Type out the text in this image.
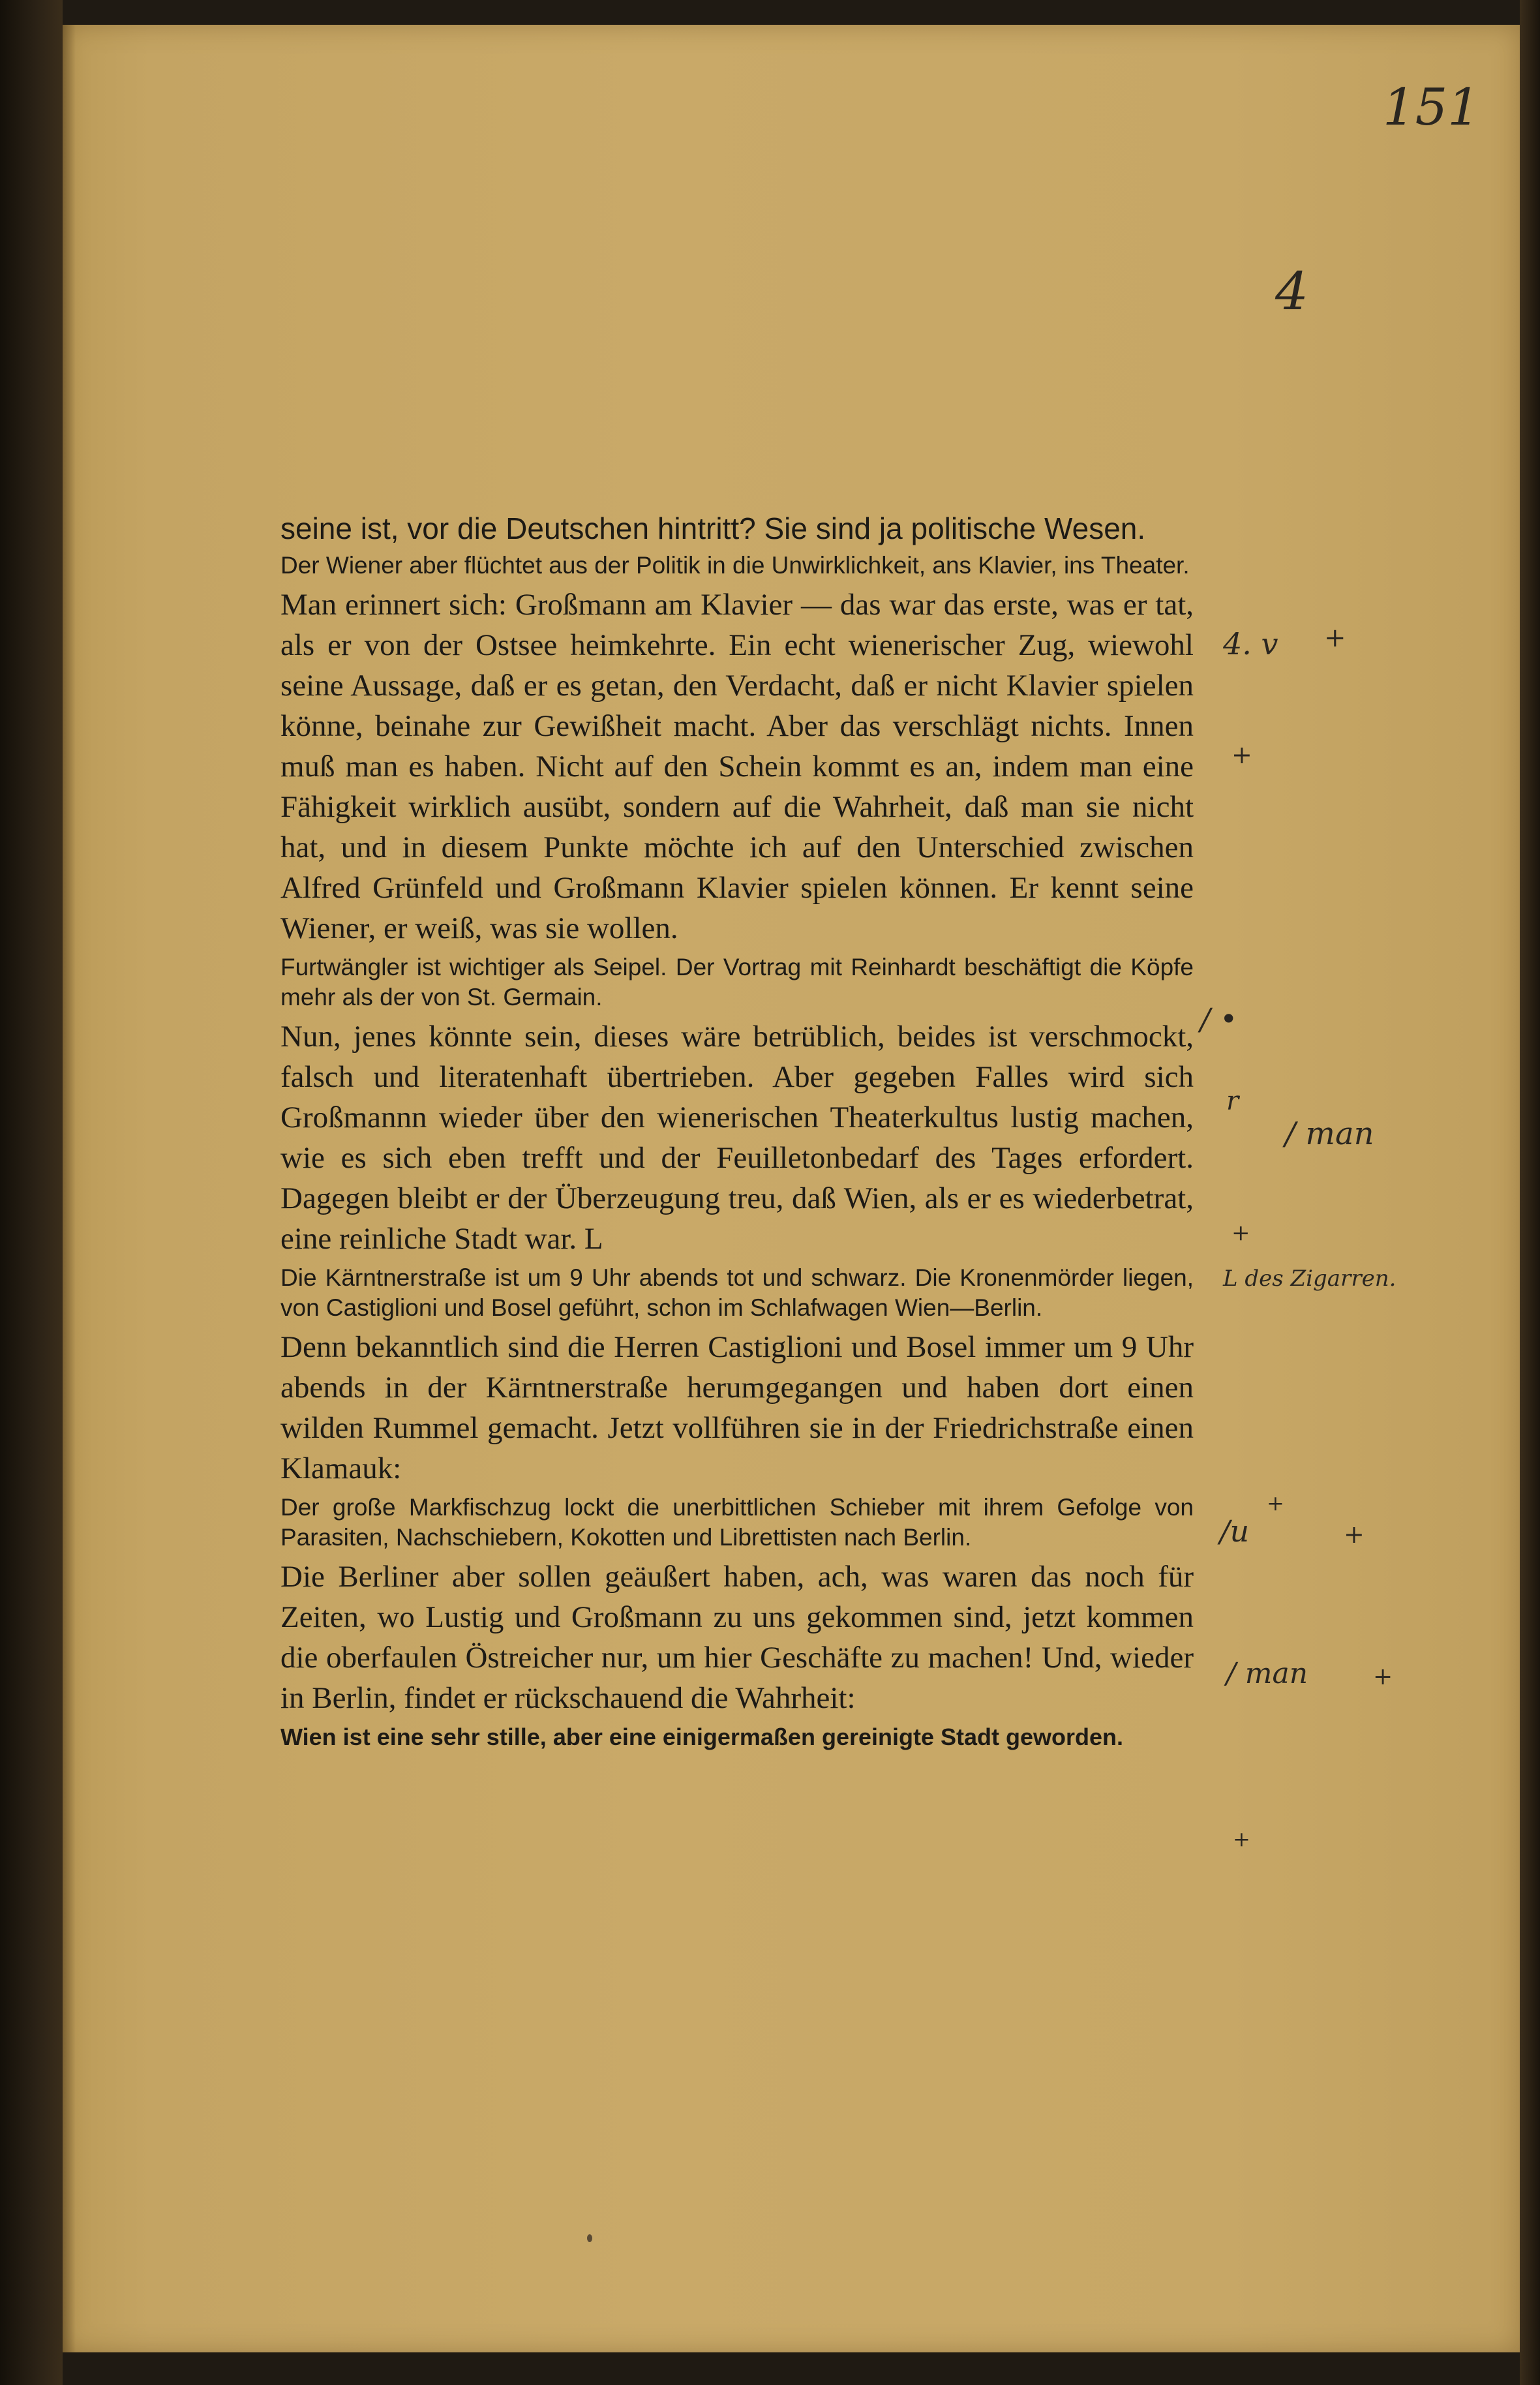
151
4
4. v +
+
/ •
r
/ man
L des Zigarren.
+
/u
+
+
/ man	+
+

seine ist, vor die Deutschen hintritt? Sie sind ja politische Wesen.

Der Wiener aber flüchtet aus der Politik in die Unwirklichkeit, ans Klavier, ins Theater.

Man erinnert sich: Großmann am Klavier — das war das erste, was er tat, als er von der Ostsee heimkehrte. Ein echt wienerischer Zug, wiewohl seine Aussage, daß er es getan, den Verdacht, daß er nicht Klavier spielen könne, beinahe zur Gewißheit macht. Aber das verschlägt nichts. Innen muß man es haben. Nicht auf den Schein kommt es an, indem man eine Fähigkeit wirklich ausübt, sondern auf die Wahrheit, daß man sie nicht hat, und in diesem Punkte möchte ich auf den Unterschied zwischen Alfred Grünfeld und Großmann Klavier spielen können. Er kennt seine Wiener, er weiß, was sie wollen.

Furtwängler ist wichtiger als Seipel. Der Vortrag mit Reinhardt beschäftigt die Köpfe mehr als der von St. Germain.

Nun, jenes könnte sein, dieses wäre betrüblich, beides ist verschmockt, falsch und literatenhaft übertrieben. Aber gegeben Falles wird sich Großmannn wieder über den wienerischen Theaterkultus lustig machen, wie es sich eben trefft und der Feuilletonbedarf des Tages erfordert. Dagegen bleibt er der Überzeugung treu, daß Wien, als er es wiederbetrat, eine reinliche Stadt war. L

Die Kärntnerstraße ist um 9 Uhr abends tot und schwarz. Die Kronenmörder liegen, von Castiglioni und Bosel geführt, schon im Schlafwagen Wien—Berlin.

Denn bekanntlich sind die Herren Castiglioni und Bosel immer um 9 Uhr abends in der Kärntnerstraße herumgegangen und haben dort einen wilden Rummel gemacht. Jetzt vollführen sie in der Friedrichstraße einen Klamauk:

Der große Markfischzug lockt die unerbittlichen Schieber mit ihrem Gefolge von Parasiten, Nachschiebern, Kokotten und Librettisten nach Berlin.

Die Berliner aber sollen geäußert haben, ach, was waren das noch für Zeiten, wo Lustig und Großmann zu uns gekommen sind, jetzt kommen die oberfaulen Östreicher nur, um hier Geschäfte zu machen! Und, wieder in Berlin, findet er rückschauend die Wahrheit:

Wien ist eine sehr stille, aber eine einigermaßen gereinigte Stadt geworden.
